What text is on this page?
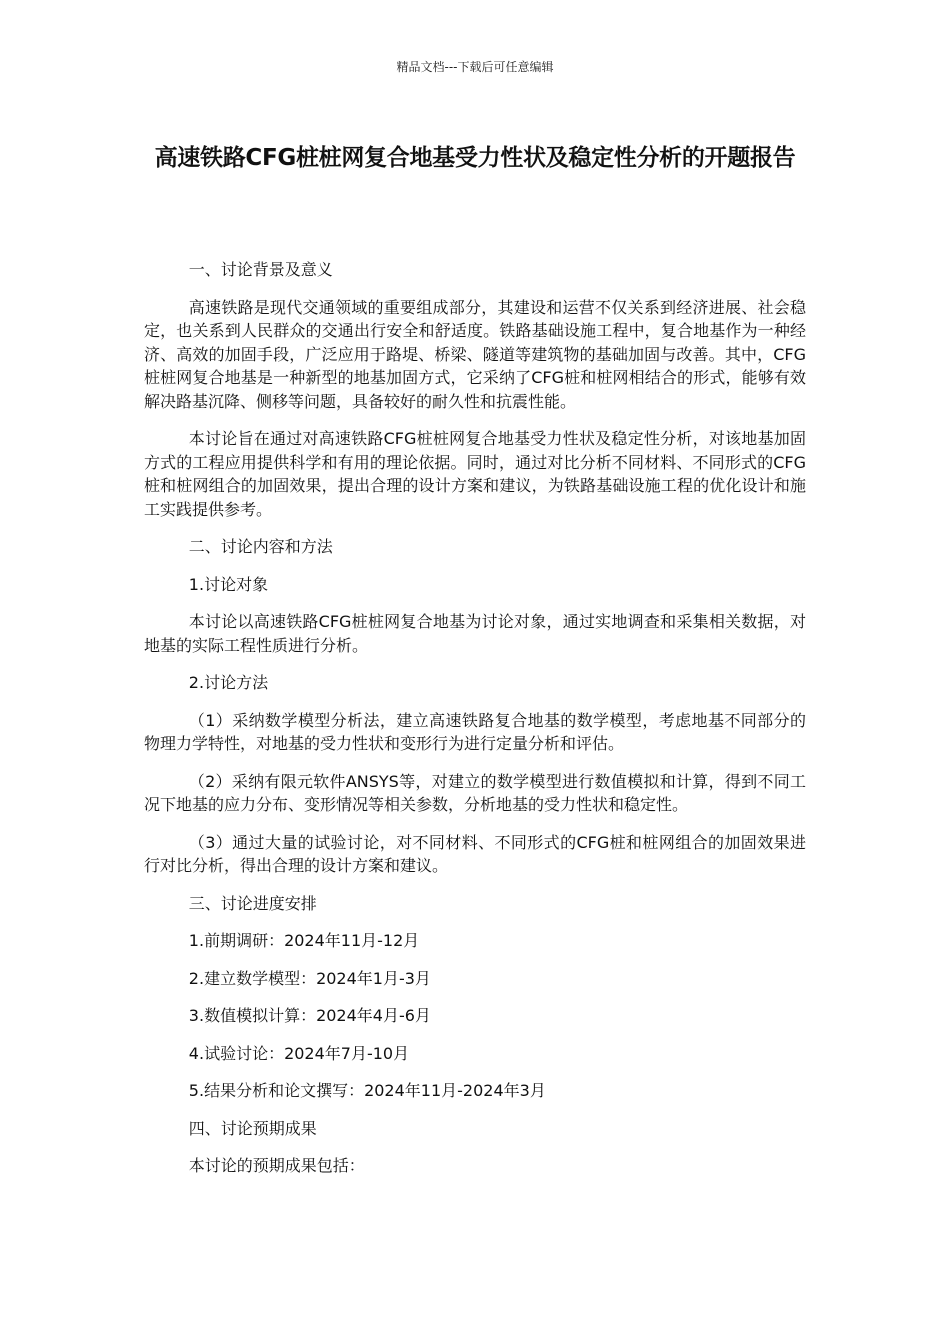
精品文档---下载后可任意编辑
高速铁路CFG桩桩网复合地基受力性状及稳定性分析的开题报告
一、讨论背景及意义
高速铁路是现代交通领域的重要组成部分，其建设和运营不仅关系到经济进展、社会稳定，也关系到人民群众的交通出行安全和舒适度。铁路基础设施工程中，复合地基作为一种经济、高效的加固手段，广泛应用于路堤、桥梁、隧道等建筑物的基础加固与改善。其中，CFG桩桩网复合地基是一种新型的地基加固方式，它采纳了CFG桩和桩网相结合的形式，能够有效解决路基沉降、侧移等问题，具备较好的耐久性和抗震性能。
本讨论旨在通过对高速铁路CFG桩桩网复合地基受力性状及稳定性分析，对该地基加固方式的工程应用提供科学和有用的理论依据。同时，通过对比分析不同材料、不同形式的CFG桩和桩网组合的加固效果，提出合理的设计方案和建议，为铁路基础设施工程的优化设计和施工实践提供参考。
二、讨论内容和方法
1.讨论对象
本讨论以高速铁路CFG桩桩网复合地基为讨论对象，通过实地调查和采集相关数据，对地基的实际工程性质进行分析。
2.讨论方法
（1）采纳数学模型分析法，建立高速铁路复合地基的数学模型，考虑地基不同部分的物理力学特性，对地基的受力性状和变形行为进行定量分析和评估。
（2）采纳有限元软件ANSYS等，对建立的数学模型进行数值模拟和计算，得到不同工况下地基的应力分布、变形情况等相关参数，分析地基的受力性状和稳定性。
（3）通过大量的试验讨论，对不同材料、不同形式的CFG桩和桩网组合的加固效果进行对比分析，得出合理的设计方案和建议。
三、讨论进度安排
1.前期调研：2024年11月-12月
2.建立数学模型：2024年1月-3月
3.数值模拟计算：2024年4月-6月
4.试验讨论：2024年7月-10月
5.结果分析和论文撰写：2024年11月-2024年3月
四、讨论预期成果
本讨论的预期成果包括：
